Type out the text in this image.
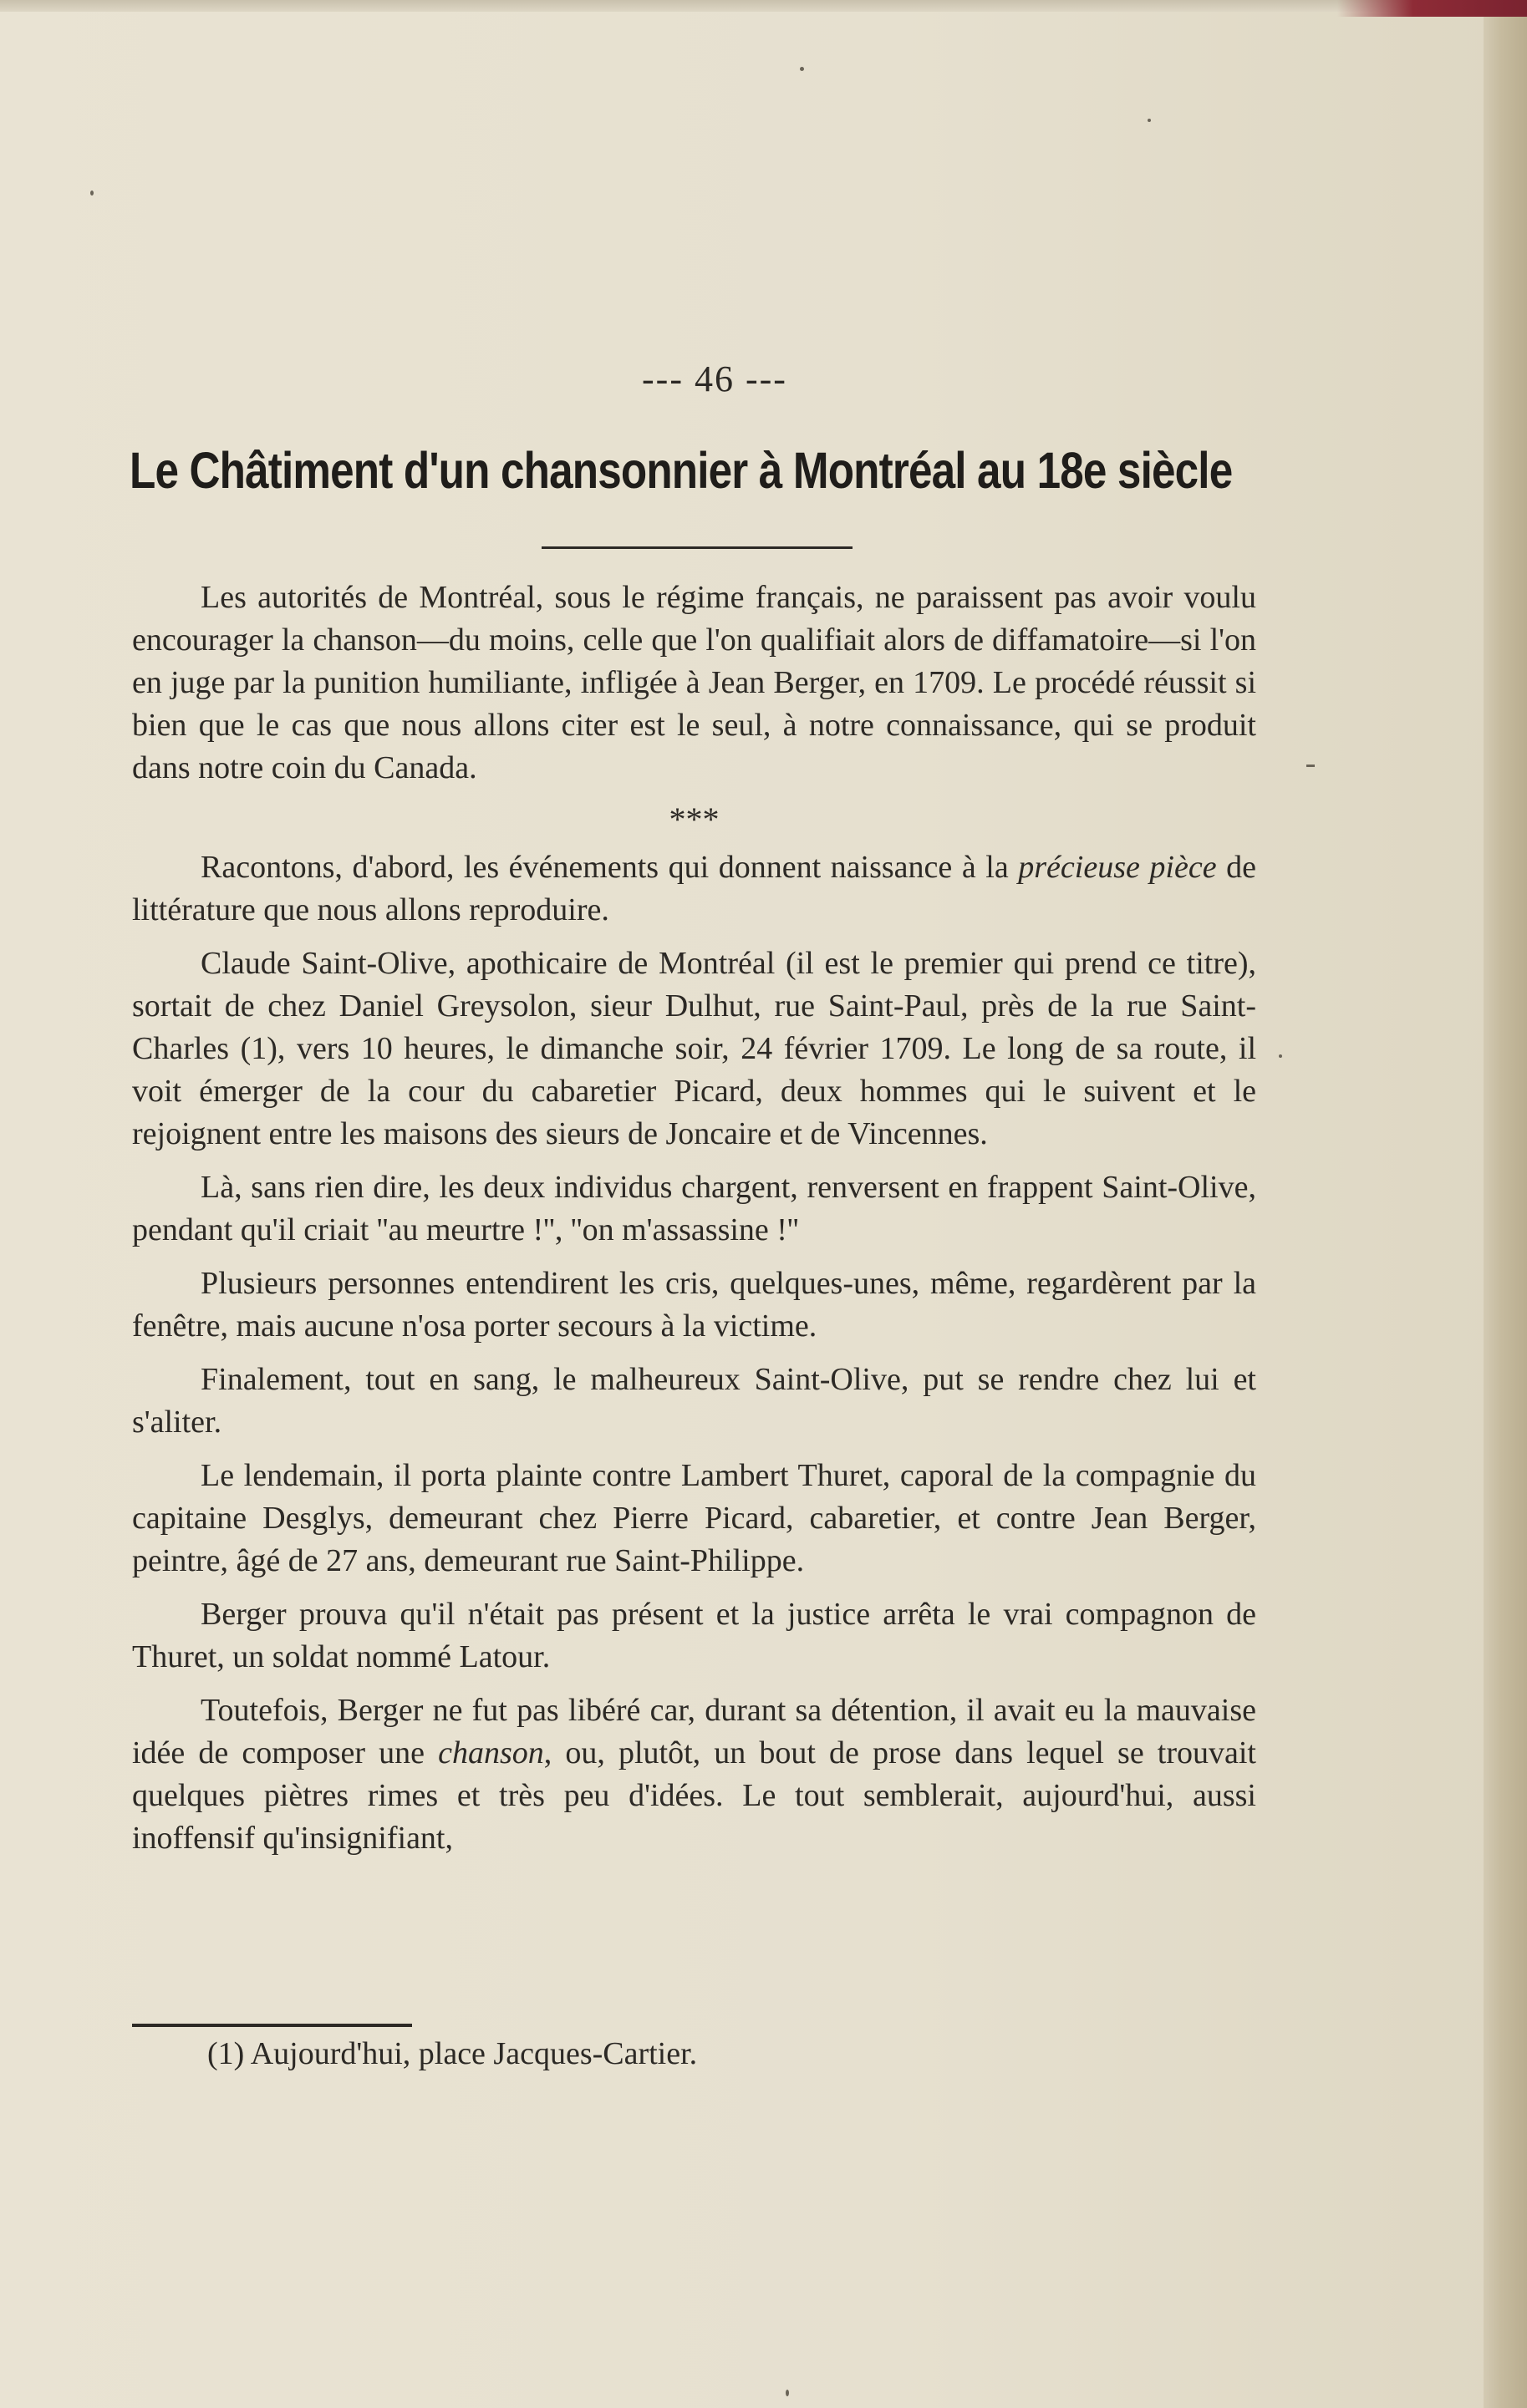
--- 46 ---
Le Châtiment d'un chansonnier à Montréal au 18e siècle

Les autorités de Montréal, sous le régime français, ne paraissent pas avoir voulu encourager la chanson—du moins, celle que l'on qualifiait alors de diffamatoire—si l'on en juge par la punition humiliante, infligée à Jean Berger, en 1709. Le procédé réussit si bien que le cas que nous allons citer est le seul, à notre connaissance, qui se produit dans notre coin du Canada.

***

Racontons, d'abord, les événements qui donnent naissance à la précieuse pièce de littérature que nous allons reproduire.

Claude Saint-Olive, apothicaire de Montréal (il est le premier qui prend ce titre), sortait de chez Daniel Greysolon, sieur Dulhut, rue Saint-Paul, près de la rue Saint-Charles (1), vers 10 heures, le dimanche soir, 24 février 1709. Le long de sa route, il voit émerger de la cour du cabaretier Picard, deux hommes qui le suivent et le rejoignent entre les maisons des sieurs de Joncaire et de Vincennes.

Là, sans rien dire, les deux individus chargent, renversent en frappent Saint-Olive, pendant qu'il criait ''au meurtre !'', ''on m'assassine !''

Plusieurs personnes entendirent les cris, quelques-unes, même, regardèrent par la fenêtre, mais aucune n'osa porter secours à la victime.

Finalement, tout en sang, le malheureux Saint-Olive, put se rendre chez lui et s'aliter.

Le lendemain, il porta plainte contre Lambert Thuret, caporal de la compagnie du capitaine Desglys, demeurant chez Pierre Picard, cabaretier, et contre Jean Berger, peintre, âgé de 27 ans, demeurant rue Saint-Philippe.

Berger prouva qu'il n'était pas présent et la justice arrêta le vrai compagnon de Thuret, un soldat nommé Latour.

Toutefois, Berger ne fut pas libéré car, durant sa détention, il avait eu la mauvaise idée de composer une chanson, ou, plutôt, un bout de prose dans lequel se trouvait quelques piètres rimes et très peu d'idées. Le tout semblerait, aujourd'hui, aussi inoffensif qu'insignifiant,

(1) Aujourd'hui, place Jacques-Cartier.
